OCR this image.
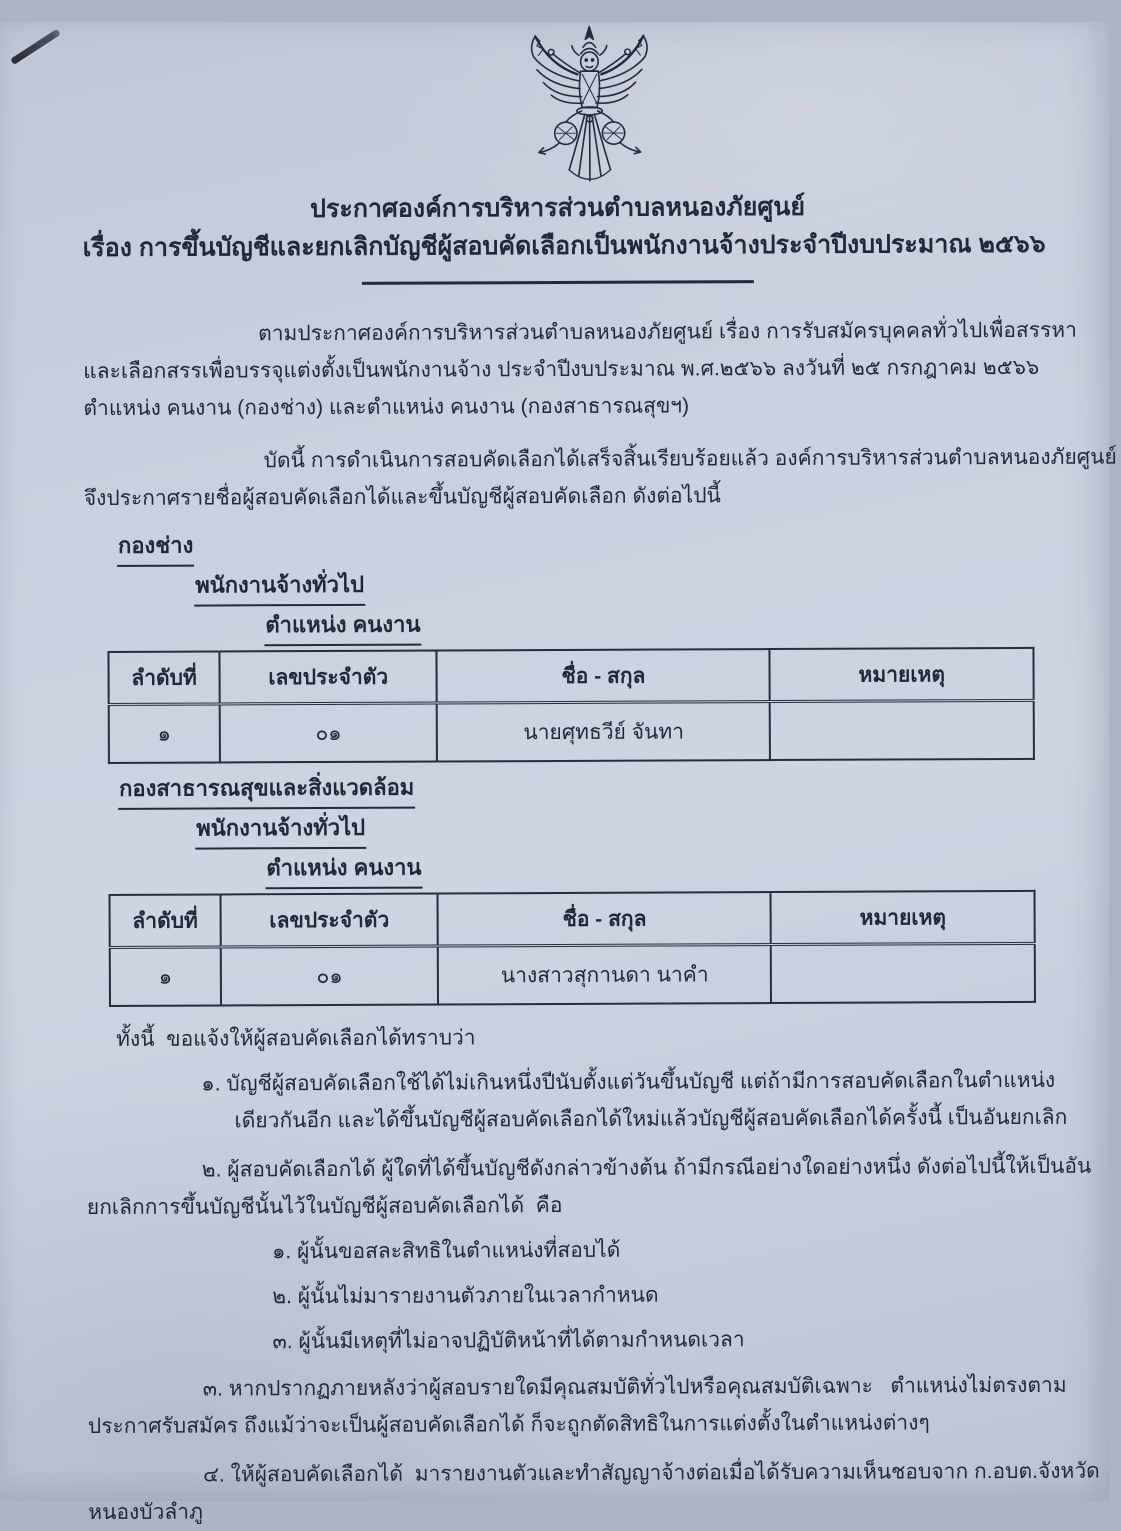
ประกาศองค์การบริหารส่วนตำบลหนองภัยศูนย์
เรื่อง การขึ้นบัญชีและยกเลิกบัญชีผู้สอบคัดเลือกเป็นพนักงานจ้างประจำปีงบประมาณ ๒๕๖๖
ตามประกาศองค์การบริหารส่วนตำบลหนองภัยศูนย์ เรื่อง การรับสมัครบุคคลทั่วไปเพื่อสรรหา
และเลือกสรรเพื่อบรรจุแต่งตั้งเป็นพนักงานจ้าง ประจำปีงบประมาณ พ.ศ.๒๕๖๖ ลงวันที่ ๒๕ กรกฎาคม ๒๕๖๖
ตำแหน่ง คนงาน (กองช่าง) และตำแหน่ง คนงาน (กองสาธารณสุขฯ)
บัดนี้ การดำเนินการสอบคัดเลือกได้เสร็จสิ้นเรียบร้อยแล้ว องค์การบริหารส่วนตำบลหนองภัยศูนย์
จึงประกาศรายชื่อผู้สอบคัดเลือกได้และขึ้นบัญชีผู้สอบคัดเลือก ดังต่อไปนี้
กองช่าง
พนักงานจ้างทั่วไป
ตำแหน่ง คนงาน
ลำดับที่	เลขประจำตัว	ชื่อ - สกุล	หมายเหตุ
๑	๐๑	นายศุทธวีย์ จันทา	
กองสาธารณสุขและสิ่งแวดล้อม
พนักงานจ้างทั่วไป
ตำแหน่ง คนงาน
ลำดับที่	เลขประจำตัว	ชื่อ - สกุล	หมายเหตุ
๑	๐๑	นางสาวสุกานดา นาคำ	
ทั้งนี้  ขอแจ้งให้ผู้สอบคัดเลือกได้ทราบว่า
๑. บัญชีผู้สอบคัดเลือกใช้ได้ไม่เกินหนึ่งปีนับตั้งแต่วันขึ้นบัญชี แต่ถ้ามีการสอบคัดเลือกในตำแหน่ง
เดียวกันอีก และได้ขึ้นบัญชีผู้สอบคัดเลือกได้ใหม่แล้วบัญชีผู้สอบคัดเลือกได้ครั้งนี้ เป็นอันยกเลิก
๒. ผู้สอบคัดเลือกได้ ผู้ใดที่ได้ขึ้นบัญชีดังกล่าวข้างต้น ถ้ามีกรณีอย่างใดอย่างหนึ่ง ดังต่อไปนี้ให้เป็นอัน
ยกเลิกการขึ้นบัญชีนั้นไว้ในบัญชีผู้สอบคัดเลือกได้  คือ
๑. ผู้นั้นขอสละสิทธิในตำแหน่งที่สอบได้
๒. ผู้นั้นไม่มารายงานตัวภายในเวลากำหนด
๓. ผู้นั้นมีเหตุที่ไม่อาจปฏิบัติหน้าที่ได้ตามกำหนดเวลา
๓. หากปรากฏภายหลังว่าผู้สอบรายใดมีคุณสมบัติทั่วไปหรือคุณสมบัติเฉพาะ   ตำแหน่งไม่ตรงตาม
ประกาศรับสมัคร ถึงแม้ว่าจะเป็นผู้สอบคัดเลือกได้ ก็จะถูกตัดสิทธิในการแต่งตั้งในตำแหน่งต่างๆ
๔. ให้ผู้สอบคัดเลือกได้  มารายงานตัวและทำสัญญาจ้างต่อเมื่อได้รับความเห็นชอบจาก ก.อบต.จังหวัด
หนองบัวลำภู
